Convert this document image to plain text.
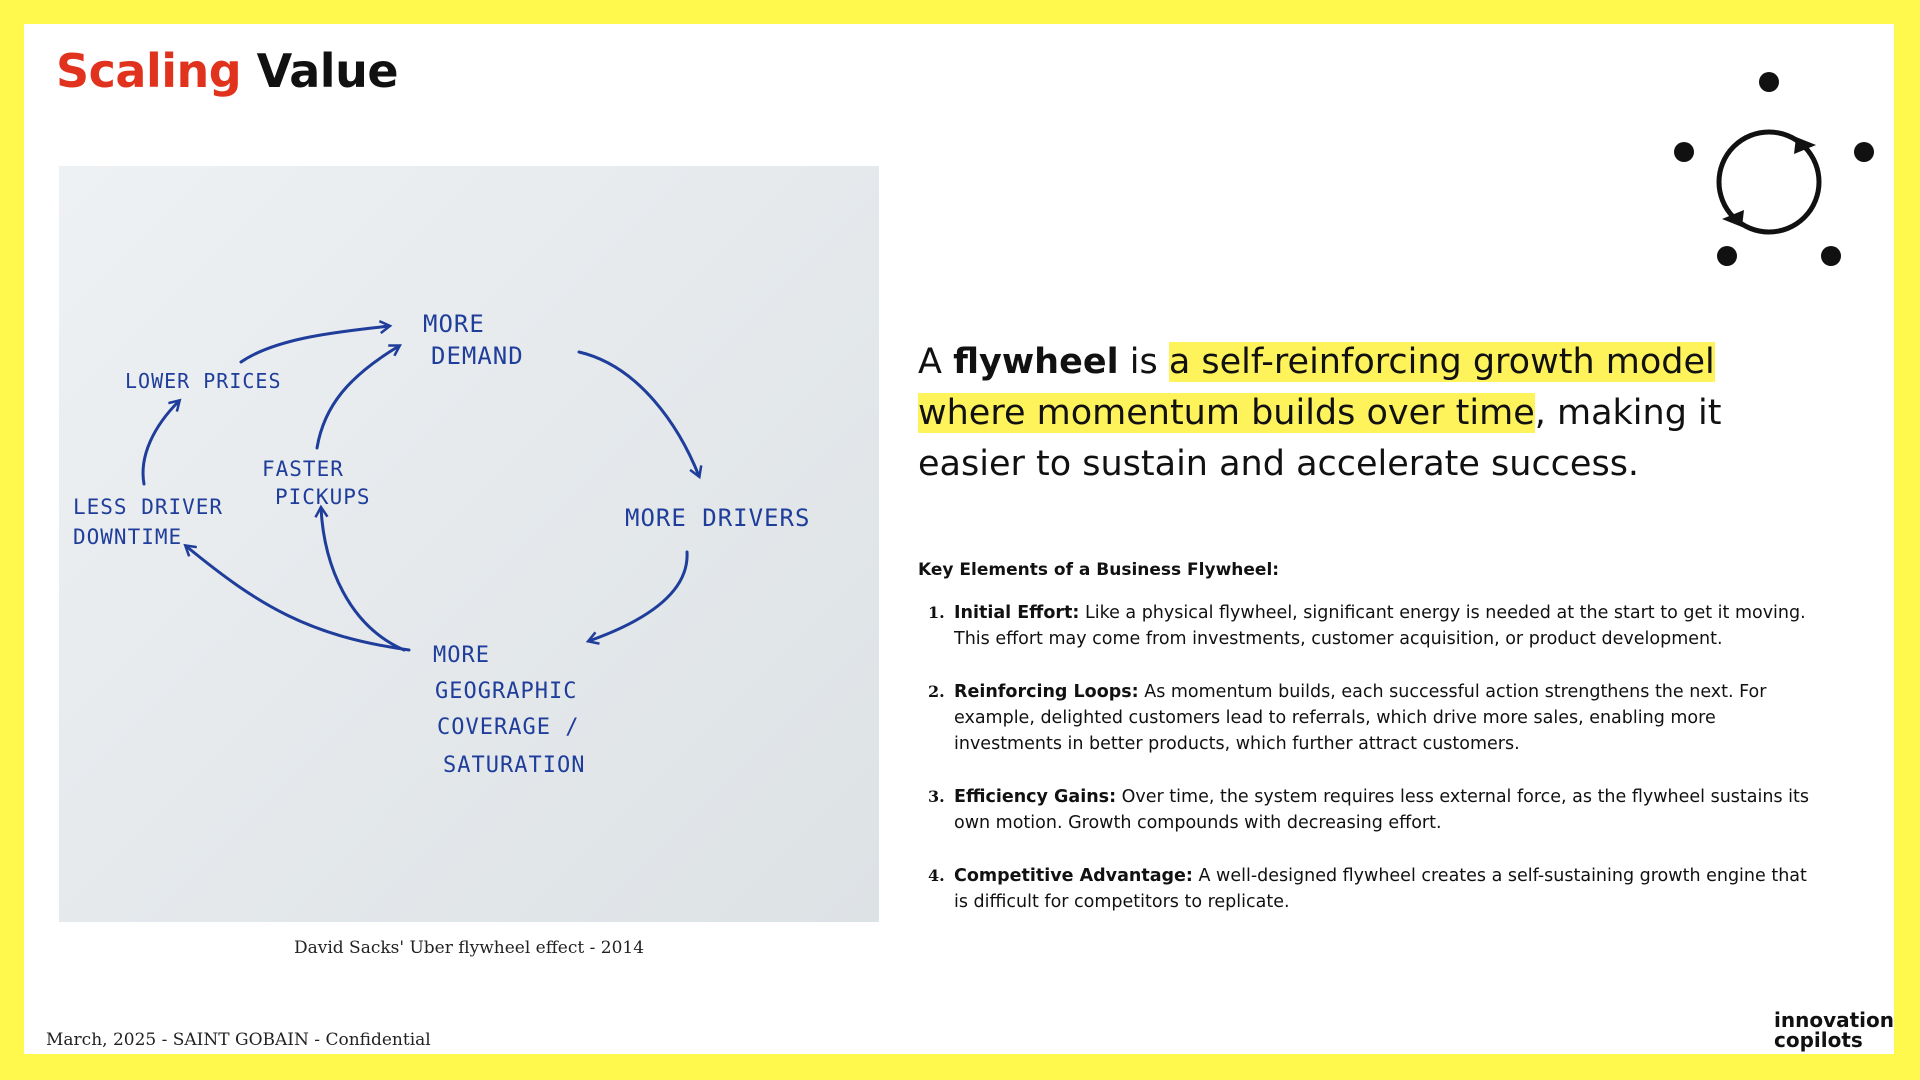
Scaling Value
MORE
DEMAND
LOWER PRICES
FASTER
PICKUPS
MORE DRIVERS
LESS DRIVER
DOWNTIME
MORE
GEOGRAPHIC
COVERAGE /
SATURATION
David Sacks' Uber flywheel effect - 2014
A flywheel is a self-reinforcing growth model where momentum builds over time, making it easier to sustain and accelerate success.
Key Elements of a Business Flywheel:
1. Initial Effort: Like a physical flywheel, significant energy is needed at the start to get it moving. This effort may come from investments, customer acquisition, or product development.
2. Reinforcing Loops: As momentum builds, each successful action strengthens the next. For example, delighted customers lead to referrals, which drive more sales, enabling more investments in better products, which further attract customers.
3. Efficiency Gains: Over time, the system requires less external force, as the flywheel sustains its own motion. Growth compounds with decreasing effort.
4. Competitive Advantage: A well-designed flywheel creates a self-sustaining growth engine that is difficult for competitors to replicate.
March, 2025 - SAINT GOBAIN - Confidential
innovation
copilots
